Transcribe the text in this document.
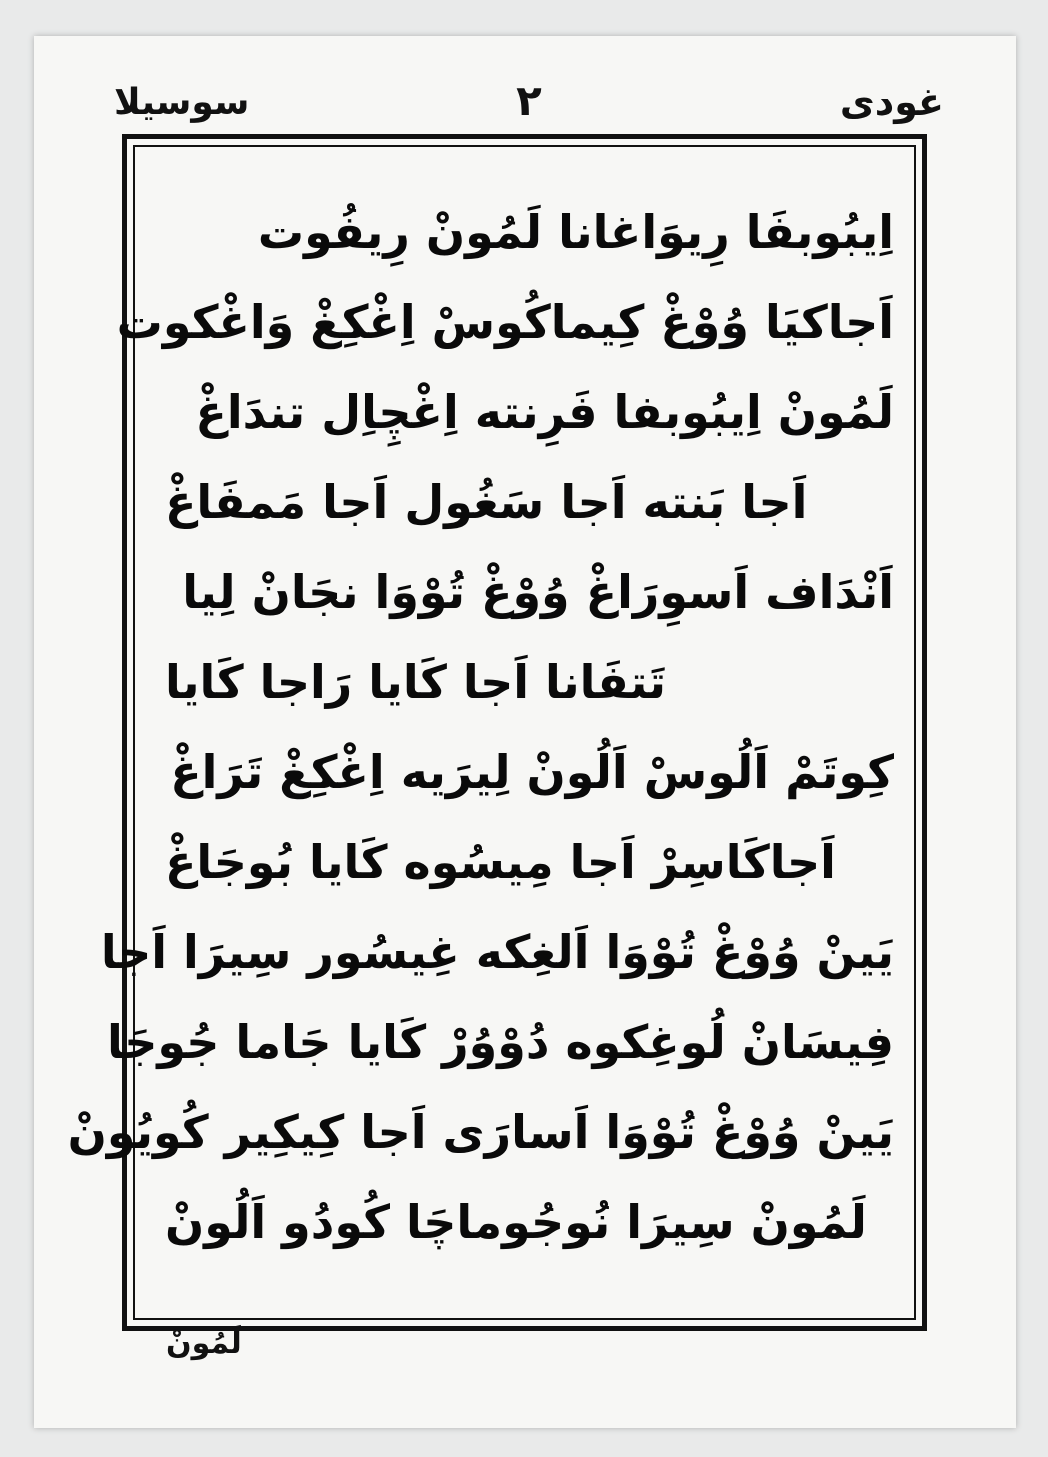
غودی
٢
سوسیلا
اِیبُوبفَا رِیوَاغانا لَمُونْ رِیفُوت
اَجاکیَا وُوْغْ کِیماکُوسْ اِغْکِغْ وَاغْکوت
لَمُونْ اِیبُوبفا فَرِنته اِغْچِاِل تندَاغْ
اَجا بَنته اَجا سَغُول اَجا مَمفَاغْ
اَنْدَاف اَسوِرَاغْ وُوْغْ تُوْوَا نجَانْ لِیا
تَتفَانا اَجا کَایا رَاجا کَایا
کِوتَمْ اَلُوسْ اَلُونْ لِیرَیه اِغْکِغْ تَرَاغْ
اَجاکَاسِرْ اَجا مِیسُوه کَایا بُوجَاغْ
یَینْ وُوْغْ تُوْوَا اَلغِکه غِیسُور سِیرَا اَجا
فِیسَانْ لُوغِکوه دُوْوُرْ کَایا جَاما جُوجَا
یَینْ وُوْغْ تُوْوَا اَسارَی اَجا کِیکِیر کُویُونْ
لَمُونْ سِیرَا نُوجُوماچَا کُودُو اَلُونْ
لَمُونْ
